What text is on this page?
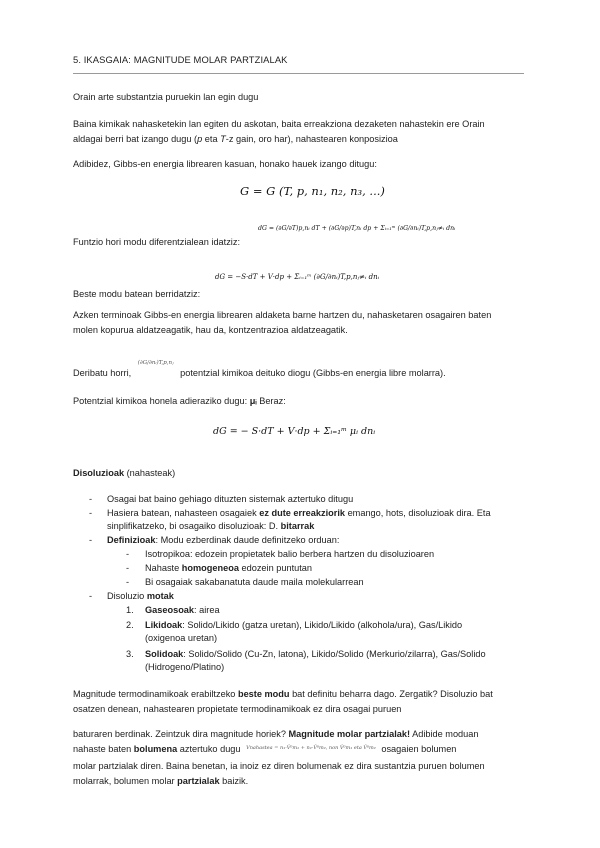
5. IKASGAIA: MAGNITUDE MOLAR PARTZIALAK
Orain arte substantzia puruekin lan egin dugu
Baina kimikak nahasketekin lan egiten du askotan, baita erreakziona dezaketen nahastekin ere Orain
aldagai berri bat izango dugu (p eta T-z gain, oro har), nahastearen konposizioa
Adibidez, Gibbs-en energia librearen kasuan, honako hauek izango ditugu:
G = G (T, p, n₁, n₂, n₃, ...)
Funtzio hori modu diferentzialean idatziz:
dG = (∂G/∂T)p,nᵢ dT + (∂G/∂p)T,nᵢ dp + Σᵢ₌₁ᵐ (∂G/∂nᵢ)T,p,nⱼ≠ᵢ dnᵢ
Beste modu batean berridatziz:
dG = −S·dT + V·dp + Σᵢ₌₁ᵐ (∂G/∂nᵢ)T,p,nⱼ≠ᵢ dnᵢ
Azken terminoak Gibbs-en energia librearen aldaketa barne hartzen du, nahasketaren osagairen baten
molen kopurua aldatzeagatik, hau da, kontzentrazioa aldatzeagatik.
Deribatu horri, $^{(\partial G/\partial nᵢ)T,p,nⱼ}$ potentzial kimikoa deituko diogu (Gibbs-en energia libre molarra).
Potentzial kimikoa honela adieraziko dugu: μᵢ Beraz:
dG = − S·dT + V·dp + Σᵢ₌₁ᵐ μᵢ dnᵢ
Disoluzioak (nahasteak)
- Osagai bat baino gehiago dituzten sistemak aztertuko ditugu
- Hasiera batean, nahasteen osagaiek ez dute erreakziorik emango, hots, disoluzioak dira. Eta
sinplifikatzeko, bi osagaiko disoluzioak: D. bitarrak
- Definizioak: Modu ezberdinak daude definitzeko orduan:
- Isotropikoa: edozein propietatek balio berbera hartzen du disoluzioaren
- Nahaste homogeneoa edozein puntutan
- Bi osagaiak sakabanatuta daude maila molekularrean
- Disoluzio motak
1. Gaseosoak: airea
2. Likidoak: Solido/Likido (gatza uretan), Likido/Likido (alkohola/ura), Gas/Likido
(oxigenoa uretan)
3. Solidoak: Solido/Solido (Cu-Zn, latona), Likido/Solido (Merkurio/zilarra), Gas/Solido
(Hidrogeno/Platino)
Magnitude termodinamikoak erabiltzeko beste modu bat definitu beharra dago. Zergatik? Disoluzio bat
osatzen denean, nahastearen propietate termodinamikoak ez dira osagai puruen
baturaren berdinak. Zeintzuk dira magnitude horiek? Magnitude molar partzialak! Adibide moduan
nahaste baten bolumena aztertuko dugu $^{Vnahastea = n_1\cdot V̄^0m_1 + n_2\cdot V̄^0m_2, non V̄^0m_1 eta V̄^0m_2}$ osagaien bolumen
molar partzialak diren. Baina benetan, ia inoiz ez diren bolumenak ez dira sustantzia puruen bolumen
molarrak, bolumen molar partzialak baizik.
